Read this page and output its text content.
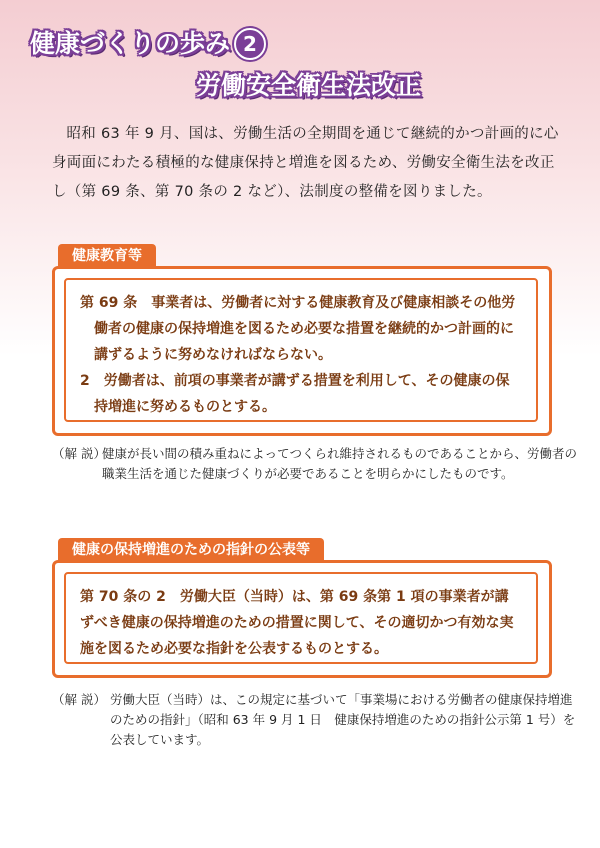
健康づくりの歩み 2
労働安全衛生法改正
昭和 63 年 9 月、国は、労働生活の全期間を通じて継続的かつ計画的に心身両面にわたる積極的な健康保持と増進を図るため、労働安全衛生法を改正し（第 69 条、第 70 条の 2 など）、法制度の整備を図りました。
健康教育等

第 69 条　事業者は、労働者に対する健康教育及び健康相談その他労働者の健康の保持増進を図るため必要な措置を継続的かつ計画的に講ずるように努めなければならない。

2　労働者は、前項の事業者が講ずる措置を利用して、その健康の保持増進に努めるものとする。

（解 説）
健康が長い間の積み重ねによってつくられ維持されるものであることから、労働者の職業生活を通じた健康づくりが必要であることを明らかにしたものです。
健康の保持増進のための指針の公表等

第 70 条の 2　労働大臣（当時）は、第 69 条第 1 項の事業者が講ずべき健康の保持増進のための措置に関して、その適切かつ有効な実施を図るため必要な指針を公表するものとする。

（解 説） 労働大臣（当時）は、この規定に基づいて「事業場における労働者の健康保持増進のための指針」（昭和 63 年 9 月 1 日　健康保持増進のための指針公示第 1 号）を公表しています。
